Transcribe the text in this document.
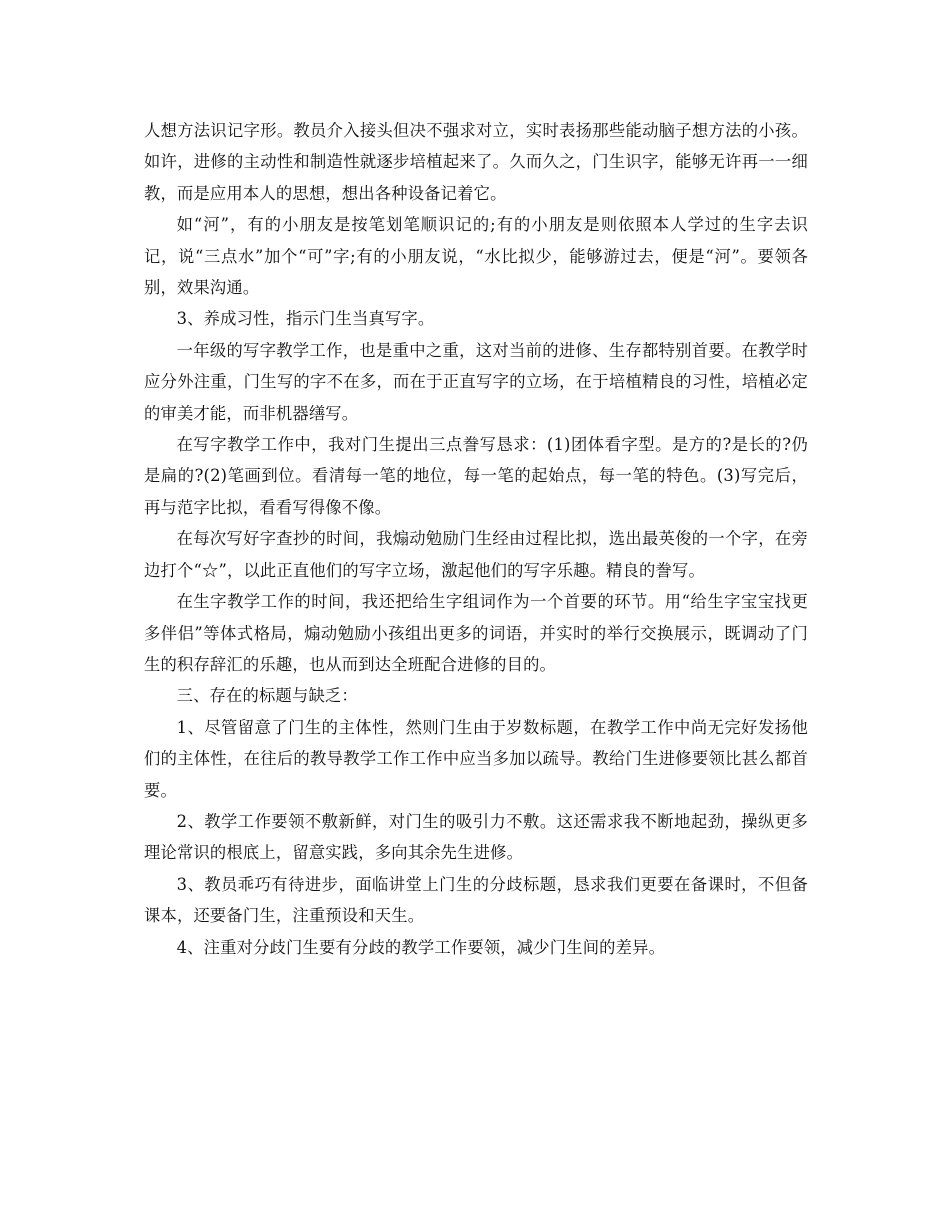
人想方法识记字形。教员介入接头但决不强求对立，实时表扬那些能动脑子想方法的小孩。如许，进修的主动性和制造性就逐步培植起来了。久而久之，门生识字，能够无许再一一细教，而是应用本人的思想，想出各种设备记着它。

如“河”，有的小朋友是按笔划笔顺识记的;有的小朋友是则依照本人学过的生字去识记，说“三点水”加个“可”字;有的小朋友说，“水比拟少，能够游过去，便是“河”。要领各别，效果沟通。

3、养成习性，指示门生当真写字。

一年级的写字教学工作，也是重中之重，这对当前的进修、生存都特别首要。在教学时应分外注重，门生写的字不在多，而在于正直写字的立场，在于培植精良的习性，培植必定的审美才能，而非机器缮写。

在写字教学工作中，我对门生提出三点誊写恳求：(1)团体看字型。是方的?是长的?仍是扁的?(2)笔画到位。看清每一笔的地位，每一笔的起始点，每一笔的特色。(3)写完后，再与范字比拟，看看写得像不像。

在每次写好字查抄的时间，我煽动勉励门生经由过程比拟，选出最英俊的一个字，在旁边打个“☆”，以此正直他们的写字立场，激起他们的写字乐趣。精良的誊写。

在生字教学工作的时间，我还把给生字组词作为一个首要的环节。用“给生字宝宝找更多伴侣”等体式格局，煽动勉励小孩组出更多的词语，并实时的举行交换展示，既调动了门生的积存辞汇的乐趣，也从而到达全班配合进修的目的。

三、存在的标题与缺乏：

1、尽管留意了门生的主体性，然则门生由于岁数标题，在教学工作中尚无完好发扬他们的主体性，在往后的教导教学工作工作中应当多加以疏导。教给门生进修要领比甚么都首要。

2、教学工作要领不敷新鲜，对门生的吸引力不敷。这还需求我不断地起劲，操纵更多理论常识的根底上，留意实践，多向其余先生进修。

3、教员乖巧有待进步，面临讲堂上门生的分歧标题，恳求我们更要在备课时，不但备课本，还要备门生，注重预设和天生。

4、注重对分歧门生要有分歧的教学工作要领，减少门生间的差异。
